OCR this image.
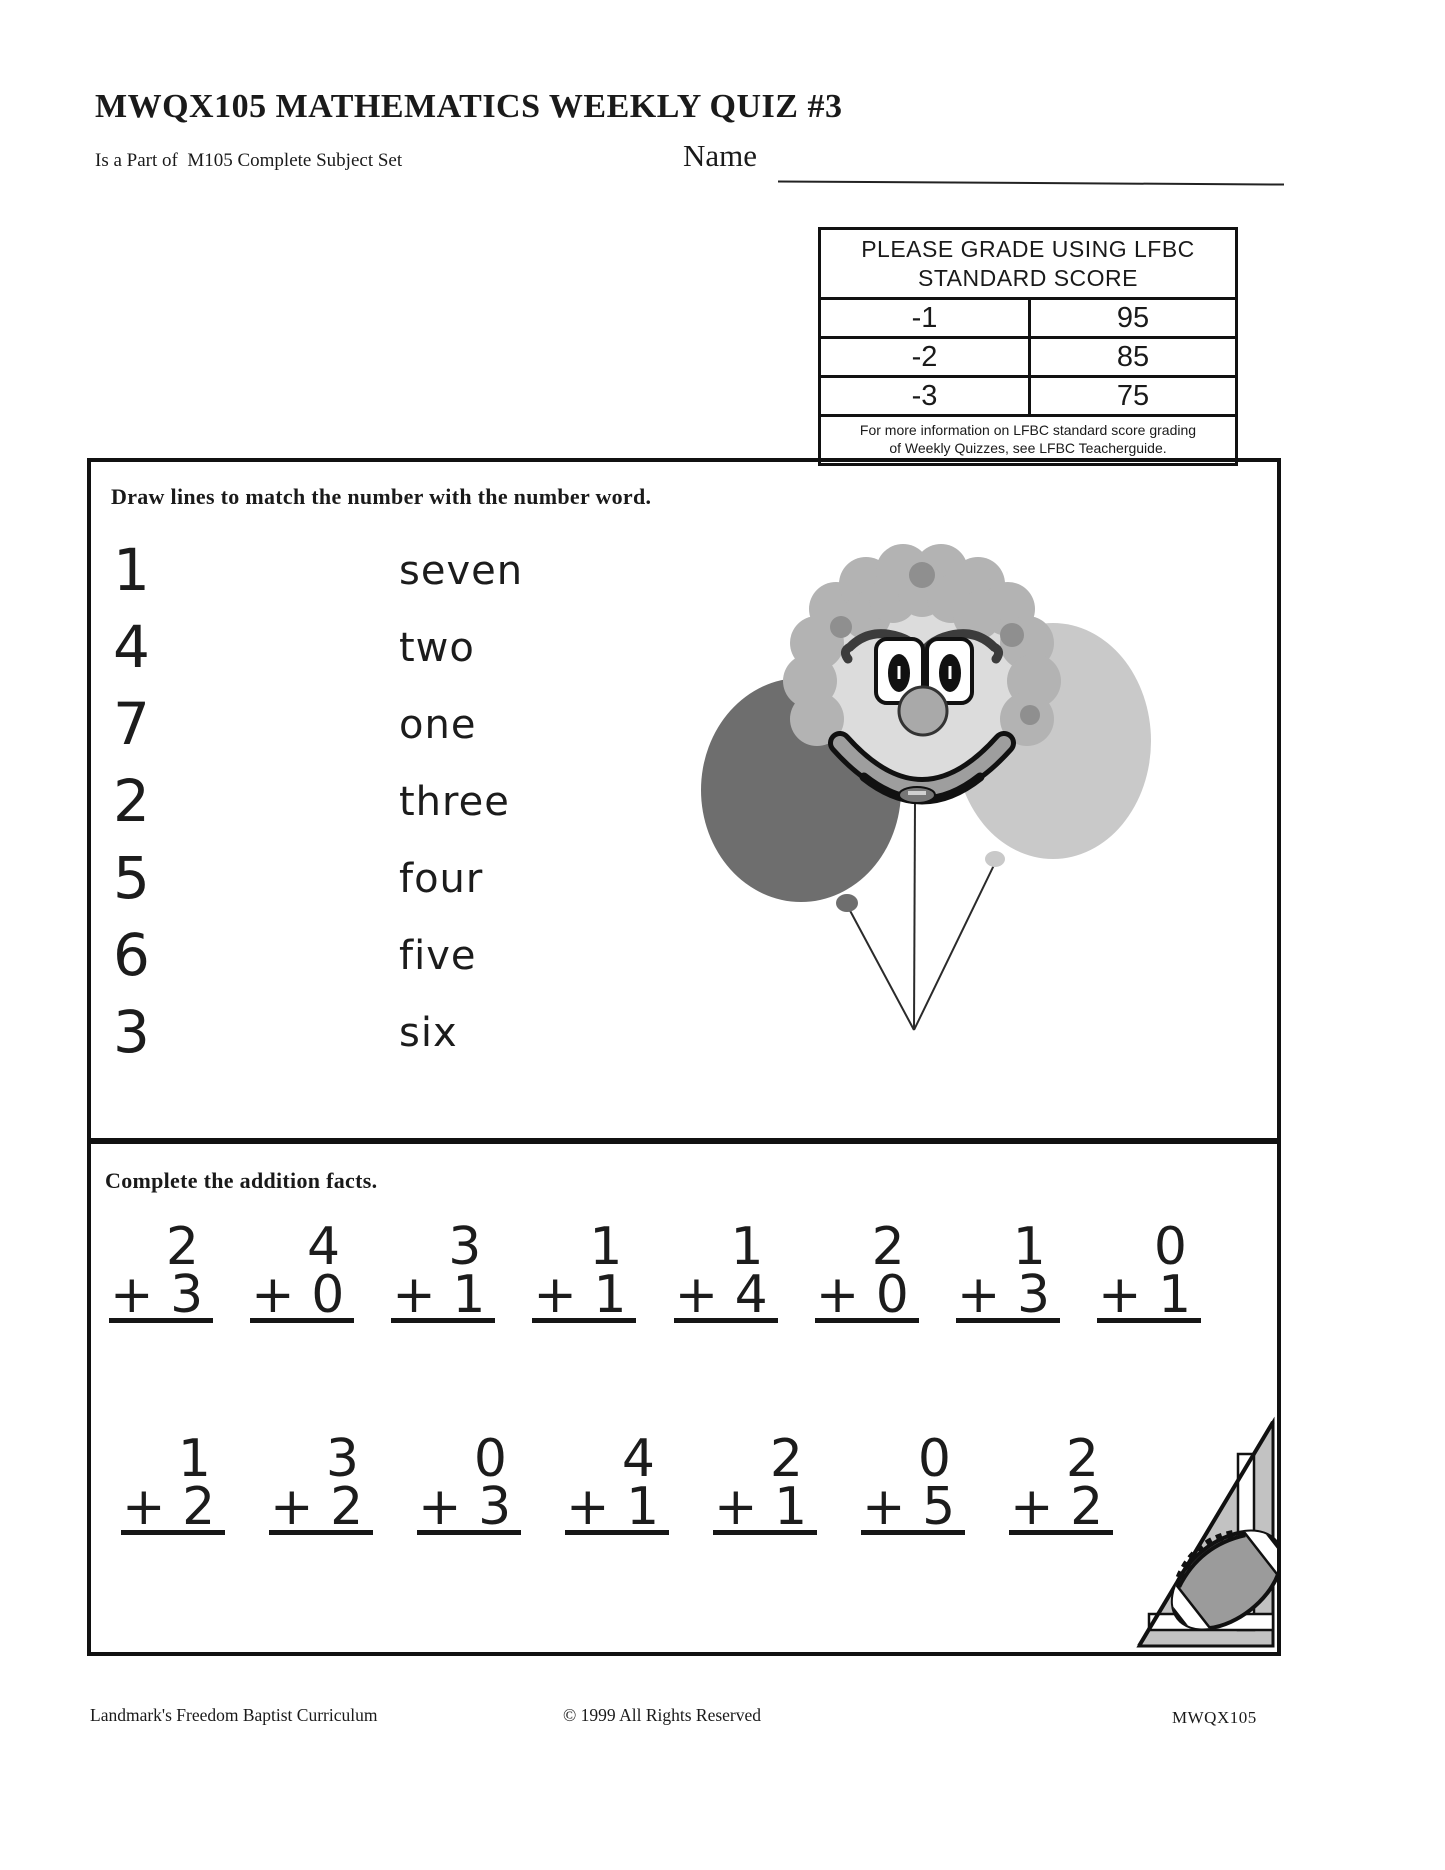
MWQX105 MATHEMATICS WEEKLY QUIZ #3
Is a Part of  M105 Complete Subject Set	Name
PLEASE GRADE USING LFBC
STANDARD SCORE
-1	95
-2	85
-3	75
For more information on LFBC standard score grading
of Weekly Quizzes, see LFBC Teacherguide.
Draw lines to match the number with the number word.
1	seven
4	two
7	one
2	three
5	four
6	five
3	six
Complete the addition facts.
2
+ 3
4
+ 0
3
+ 1
1
+ 1
1
+ 4
2
+ 0
1
+ 3
0
+ 1
1
+ 2
3
+ 2
0
+ 3
4
+ 1
2
+ 1
0
+ 5
2
+ 2
Landmark's Freedom Baptist Curriculum	© 1999 All Rights Reserved	MWQX105
